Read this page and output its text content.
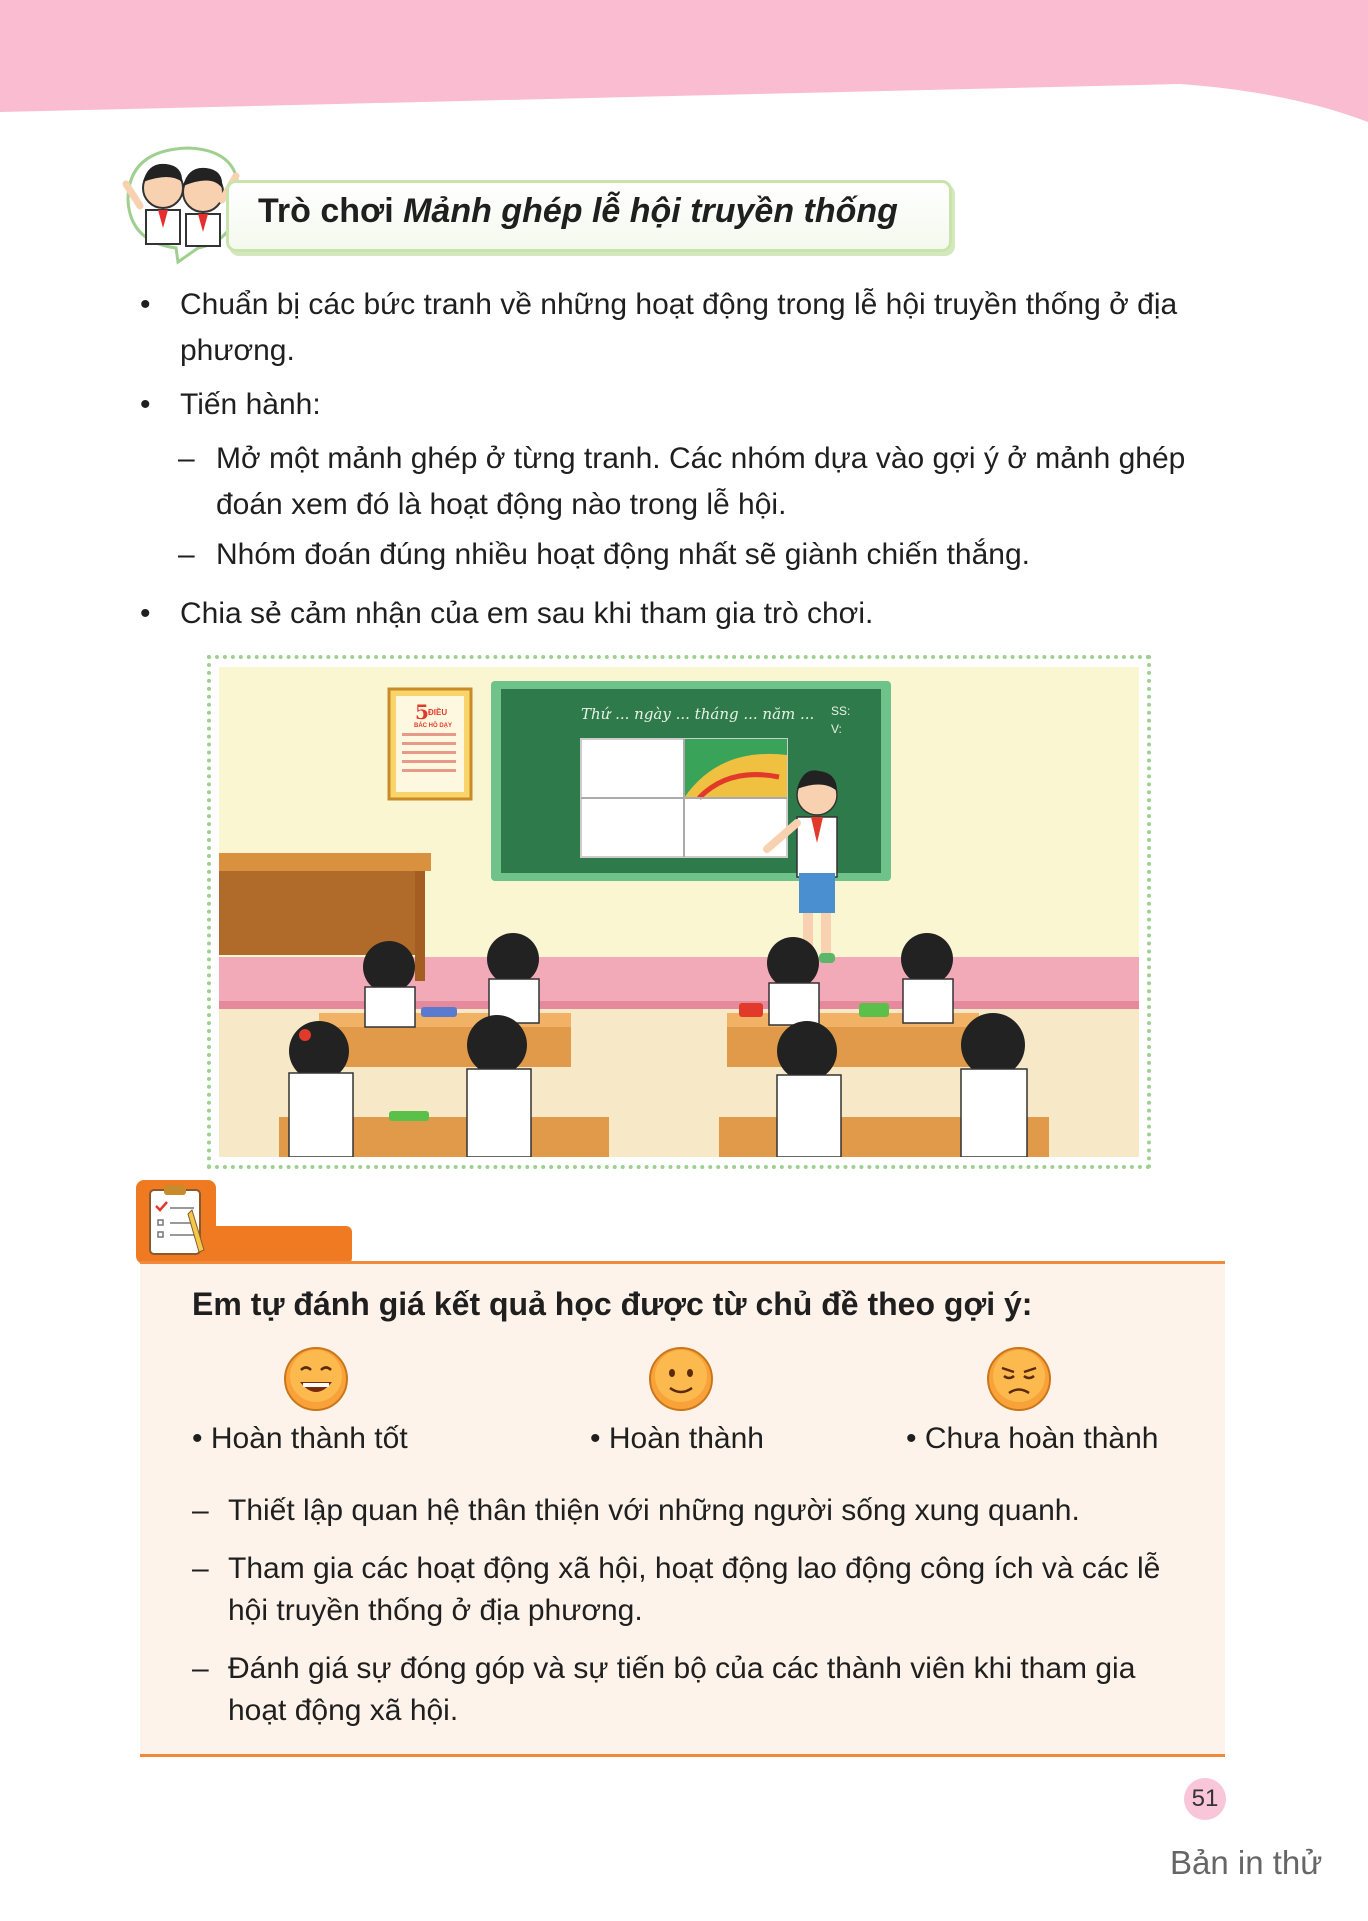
Trò chơi Mảnh ghép lễ hội truyền thống
• Chuẩn bị các bức tranh về những hoạt động trong lễ hội truyền thống ở địa phương.
• Tiến hành:
– Mở một mảnh ghép ở từng tranh. Các nhóm dựa vào gợi ý ở mảnh ghép đoán xem đó là hoạt động nào trong lễ hội.
– Nhóm đoán đúng nhiều hoạt động nhất sẽ giành chiến thắng.
• Chia sẻ cảm nhận của em sau khi tham gia trò chơi.
5 ĐIỀU
BÁC HỒ DẠY
Thứ ... ngày ... tháng ... năm ... SS:
V:
Em tự đánh giá kết quả học được từ chủ đề theo gợi ý:
• Hoàn thành tốt	• Hoàn thành	• Chưa hoàn thành
– Thiết lập quan hệ thân thiện với những người sống xung quanh.
– Tham gia các hoạt động xã hội, hoạt động lao động công ích và các lễ hội truyền thống ở địa phương.
– Đánh giá sự đóng góp và sự tiến bộ của các thành viên khi tham gia hoạt động xã hội.
51
Bản in thử
